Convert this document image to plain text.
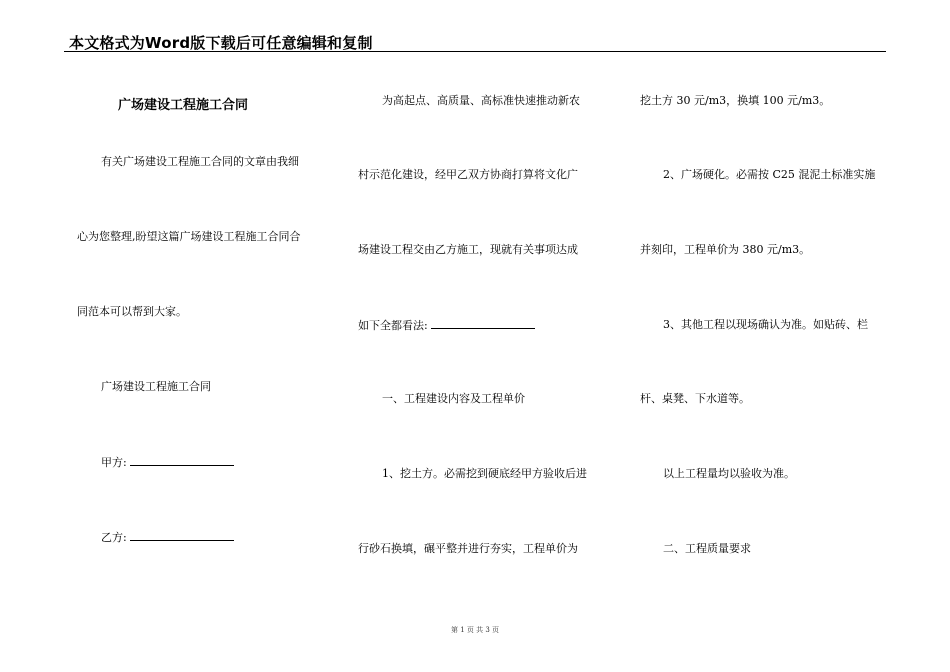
本文格式为Word版下载后可任意编辑和复制
广场建设工程施工合同
有关广场建设工程施工合同的文章由我细
心为您整理,盼望这篇广场建设工程施工合同合
同范本可以帮到大家。
广场建设工程施工合同
甲方:
乙方:
为高起点、高质量、高标准快速推动新农
村示范化建设，经甲乙双方协商打算将文化广
场建设工程交由乙方施工，现就有关事项达成
如下全都看法:
一、工程建设内容及工程单价
1、挖土方。必需挖到硬底经甲方验收后进
行砂石换填，碾平整并进行夯实，工程单价为
挖土方 30 元/m3，换填 100 元/m3。
2、广场硬化。必需按 C25 混泥土标准实施
并刻印，工程单价为 380 元/m3。
3、其他工程以现场确认为准。如贴砖、栏
杆、桌凳、下水道等。
以上工程量均以验收为准。
二、工程质量要求
第 1 页 共 3 页
